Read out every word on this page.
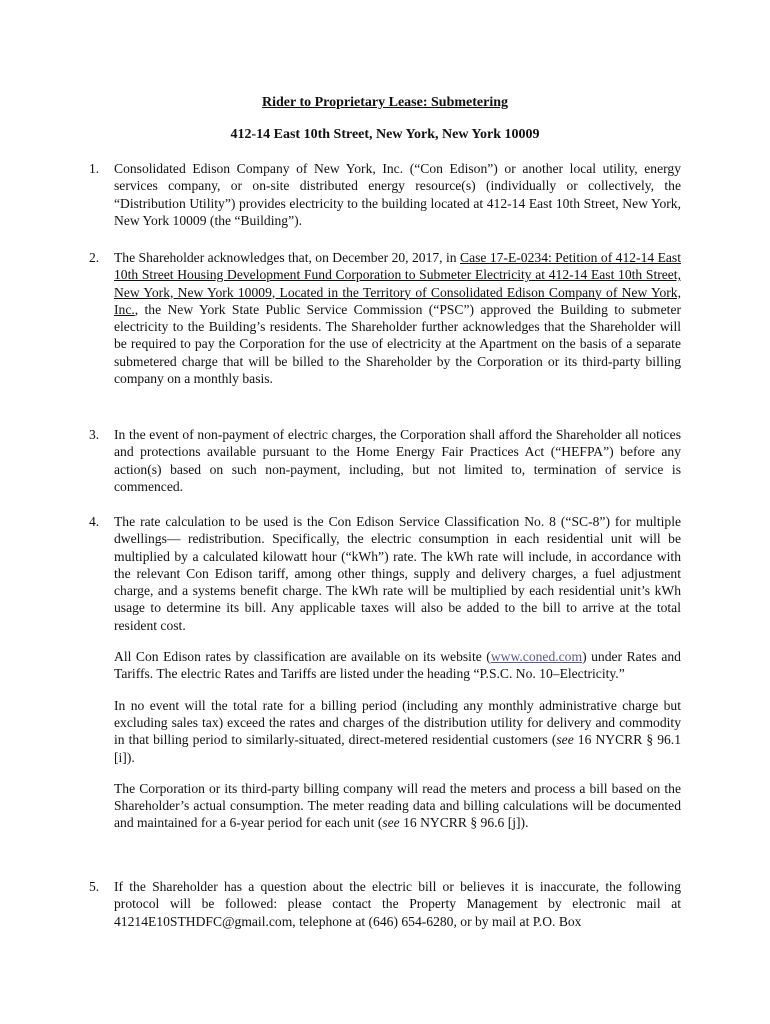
Rider to Proprietary Lease: Submetering
412-14 East 10th Street, New York, New York 10009
1. Consolidated Edison Company of New York, Inc. (“Con Edison”) or another local utility, energy services company, or on-site distributed energy resource(s) (individually or collectively, the “Distribution Utility”) provides electricity to the building located at 412-14 East 10th Street, New York, New York 10009 (the “Building”).
2. The Shareholder acknowledges that, on December 20, 2017, in Case 17-E-0234: Petition of 412-14 East 10th Street Housing Development Fund Corporation to Submeter Electricity at 412-14 East 10th Street, New York, New York 10009, Located in the Territory of Consolidated Edison Company of New York, Inc., the New York State Public Service Commission (“PSC”) approved the Building to submeter electricity to the Building’s residents. The Shareholder further acknowledges that the Shareholder will be required to pay the Corporation for the use of electricity at the Apartment on the basis of a separate submetered charge that will be billed to the Shareholder by the Corporation or its third-party billing company on a monthly basis.
3. In the event of non-payment of electric charges, the Corporation shall afford the Shareholder all notices and protections available pursuant to the Home Energy Fair Practices Act (“HEFPA”) before any action(s) based on such non-payment, including, but not limited to, termination of service is commenced.
4. The rate calculation to be used is the Con Edison Service Classification No. 8 (“SC-8”) for multiple dwellings— redistribution. Specifically, the electric consumption in each residential unit will be multiplied by a calculated kilowatt hour (“kWh”) rate. The kWh rate will include, in accordance with the relevant Con Edison tariff, among other things, supply and delivery charges, a fuel adjustment charge, and a systems benefit charge. The kWh rate will be multiplied by each residential unit’s kWh usage to determine its bill. Any applicable taxes will also be added to the bill to arrive at the total resident cost.

All Con Edison rates by classification are available on its website (www.coned.com) under Rates and Tariffs. The electric Rates and Tariffs are listed under the heading “P.S.C. No. 10–Electricity.”

In no event will the total rate for a billing period (including any monthly administrative charge but excluding sales tax) exceed the rates and charges of the distribution utility for delivery and commodity in that billing period to similarly-situated, direct-metered residential customers (see 16 NYCRR § 96.1 [i]).

The Corporation or its third-party billing company will read the meters and process a bill based on the Shareholder’s actual consumption. The meter reading data and billing calculations will be documented and maintained for a 6-year period for each unit (see 16 NYCRR § 96.6 [j]).

5. If the Shareholder has a question about the electric bill or believes it is inaccurate, the following protocol will be followed: please contact the Property Management by electronic mail at 41214E10STHDFC@gmail.com, telephone at (646) 654-6280, or by mail at P.O. Box
